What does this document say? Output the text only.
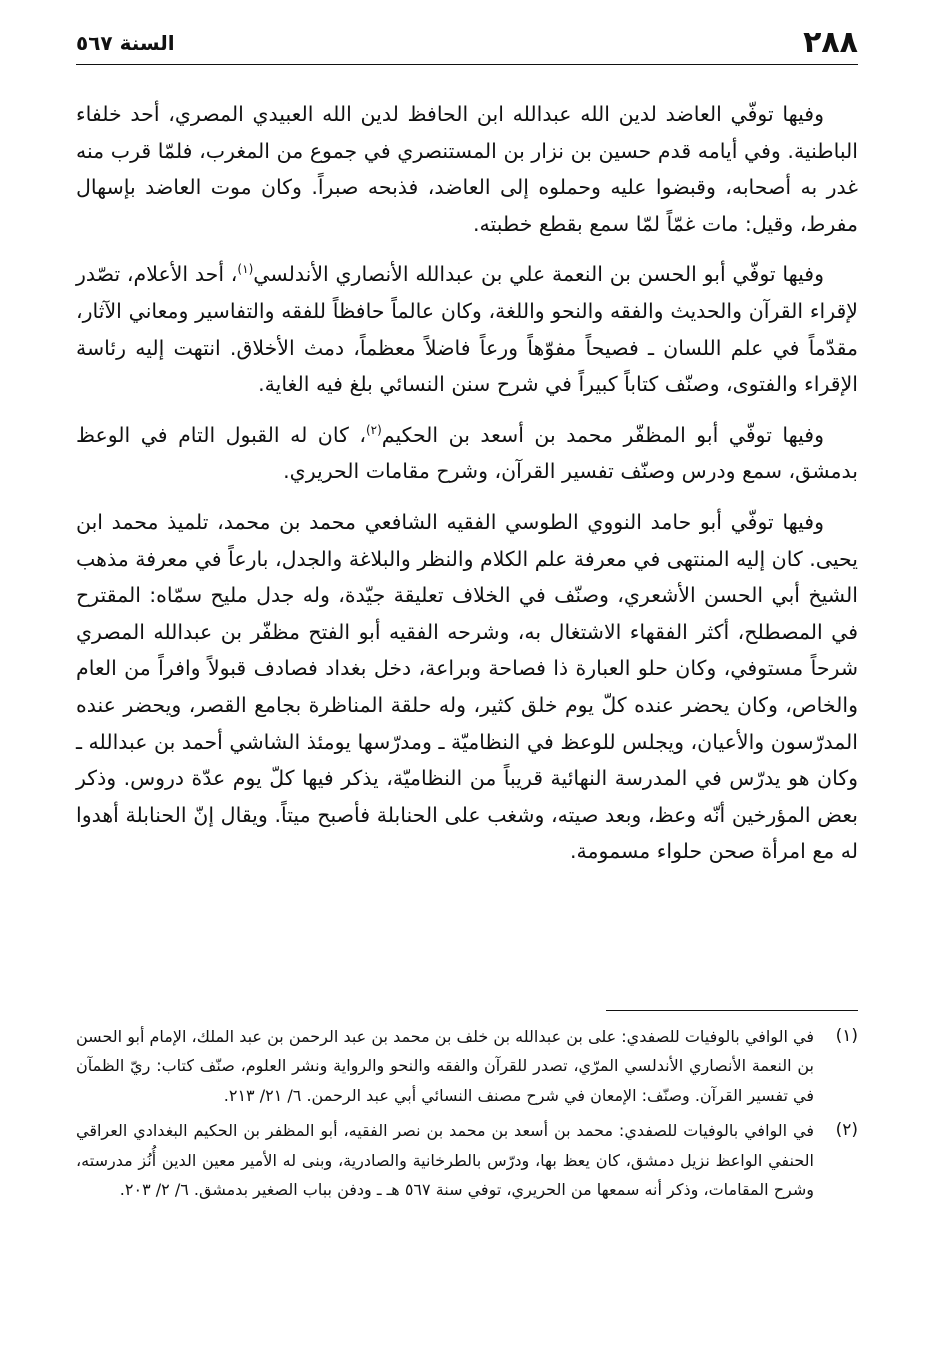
٢٨٨
السنة ٥٦٧

وفيها توفّي العاضد لدين الله عبدالله ابن الحافظ لدين الله العبيدي المصري، أحد خلفاء الباطنية. وفي أيامه قدم حسين بن نزار بن المستنصري في جموع من المغرب، فلمّا قرب منه غدر به أصحابه، وقبضوا عليه وحملوه إلى العاضد، فذبحه صبراً. وكان موت العاضد بإسهال مفرط، وقيل: مات غمّاً لمّا سمع بقطع خطبته.

وفيها توفّي أبو الحسن بن النعمة علي بن عبدالله الأنصاري الأندلسي$^{(١)}$، أحد الأعلام، تصّدر لإقراء القرآن والحديث والفقه والنحو واللغة، وكان عالماً حافظاً للفقه والتفاسير ومعاني الآثار، مقدّماً في علم اللسان ـ فصيحاً مفوّهاً ورعاً فاضلاً معظماً، دمث الأخلاق. انتهت إليه رئاسة الإقراء والفتوى، وصنّف كتاباً كبيراً في شرح سنن النسائي بلغ فيه الغاية.

وفيها توفّي أبو المظفّر محمد بن أسعد بن الحكيم$^{(٢)}$، كان له القبول التام في الوعظ بدمشق، سمع ودرس وصنّف تفسير القرآن، وشرح مقامات الحريري.

وفيها توفّي أبو حامد النووي الطوسي الفقيه الشافعي محمد بن محمد، تلميذ محمد ابن يحيى. كان إليه المنتهى في معرفة علم الكلام والنظر والبلاغة والجدل، بارعاً في معرفة مذهب الشيخ أبي الحسن الأشعري، وصنّف في الخلاف تعليقة جيّدة، وله جدل مليح سمّاه: المقترح في المصطلح، أكثر الفقهاء الاشتغال به، وشرحه الفقيه أبو الفتح مظفّر بن عبدالله المصري شرحاً مستوفي، وكان حلو العبارة ذا فصاحة وبراعة، دخل بغداد فصادف قبولاً وافراً من العام والخاص، وكان يحضر عنده كلّ يوم خلق كثير، وله حلقة المناظرة بجامع القصر، ويحضر عنده المدرّسون والأعيان، ويجلس للوعظ في النظاميّة ـ ومدرّسها يومئذ الشاشي أحمد بن عبدالله ـ وكان هو يدرّس في المدرسة النهائية قريباً من النظاميّة، يذكر فيها كلّ يوم عدّة دروس. وذكر بعض المؤرخين أنّه وعظ، وبعد صيته، وشغب على الحنابلة فأصبح ميتاً. ويقال إنّ الحنابلة أهدوا له مع امرأة صحن حلواء مسمومة.

(١)
في الوافي بالوفيات للصفدي: على بن عبدالله بن خلف بن محمد بن عبد الرحمن بن عبد الملك، الإمام أبو الحسن بن النعمة الأنصاري الأندلسي المرّي، تصدر للقرآن والفقه والنحو والرواية ونشر العلوم، صنّف كتاب: ريّ الظمآن في تفسير القرآن. وصنّف: الإمعان في شرح مصنف النسائي أبي عبد الرحمن. ٦/ ٢١/ ٢١٣.
(٢)
في الوافي بالوفيات للصفدي: محمد بن أسعد بن محمد بن نصر الفقيه، أبو المظفر بن الحكيم البغدادي العراقي الحنفي الواعظ نزيل دمشق، كان يعظ بها، ودرّس بالطرخانية والصادرية، وبنى له الأمير معين الدين أُنُز مدرسته، وشرح المقامات، وذكر أنه سمعها من الحريري، توفي سنة ٥٦٧ هـ ـ ودفن بباب الصغير بدمشق. ٦/ ٢/ ٢٠٣.
